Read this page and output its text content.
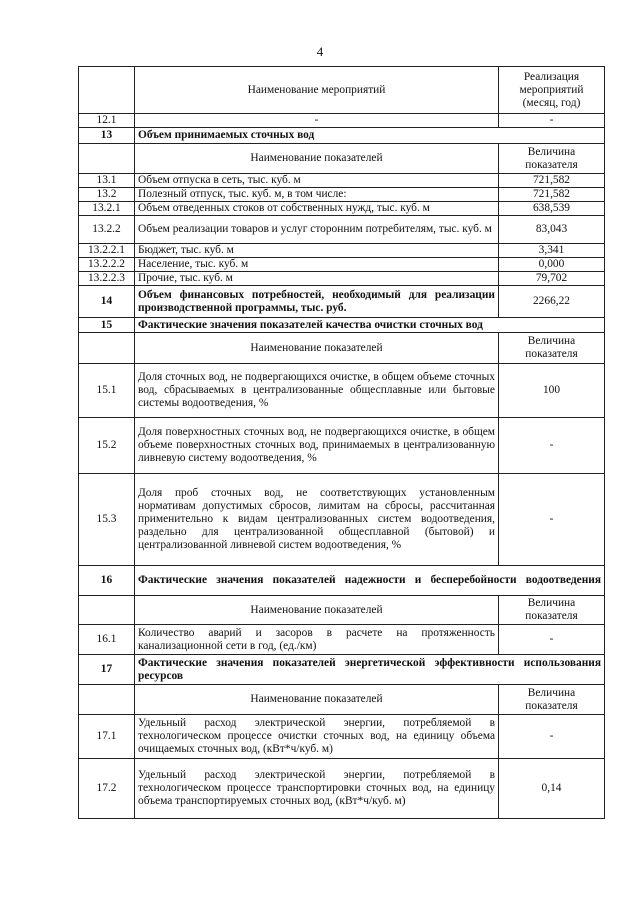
4
	Наименование мероприятий	Реализация мероприятий (месяц, год)
12.1	-	-
13	Объем принимаемых сточных вод	
	Наименование показателей	Величина показателя
13.1	Объем отпуска в сеть, тыс. куб. м	721,582
13.2	Полезный отпуск, тыс. куб. м, в том числе:	721,582
13.2.1	Объем отведенных стоков от собственных нужд, тыс. куб. м	638,539
13.2.2	Объем реализации товаров и услуг сторонним потребителям, тыс. куб. м	83,043
13.2.2.1	Бюджет, тыс. куб. м	3,341
13.2.2.2	Население, тыс. куб. м	0,000
13.2.2.3	Прочие, тыс. куб. м	79,702
14	Объем финансовых потребностей, необходимый для реализации производственной программы, тыс. руб.	2266,22
15	Фактические значения показателей качества очистки сточных вод	
	Наименование показателей	Величина показателя
15.1	Доля сточных вод, не подвергающихся очистке, в общем объеме сточных вод, сбрасываемых в централизованные общесплавные или бытовые системы водоотведения, %	100
15.2	Доля поверхностных сточных вод, не подвергающихся очистке, в общем объеме поверхностных сточных вод, принимаемых в централизованную ливневую систему водоотведения, %	-
15.3	Доля проб сточных вод, не соответствующих установленным нормативам допустимых сбросов, лимитам на сбросы, рассчитанная применительно к видам централизованных систем водоотведения, раздельно для централизованной общесплавной (бытовой) и централизованной ливневой систем водоотведения, %	-
16	Фактические значения показателей надежности и бесперебойности водоотведения	
	Наименование показателей	Величина показателя
16.1	Количество аварий и засоров в расчете на протяженность канализационной сети в год, (ед./км)	-
17	Фактические значения показателей энергетической эффективности использования ресурсов	
	Наименование показателей	Величина показателя
17.1	Удельный расход электрической энергии, потребляемой в технологическом процессе очистки сточных вод, на единицу объема очищаемых сточных вод, (кВт*ч/куб. м)	-
17.2	Удельный расход электрической энергии, потребляемой в технологическом процессе транспортировки сточных вод, на единицу объема транспортируемых сточных вод, (кВт*ч/куб. м)	0,14
